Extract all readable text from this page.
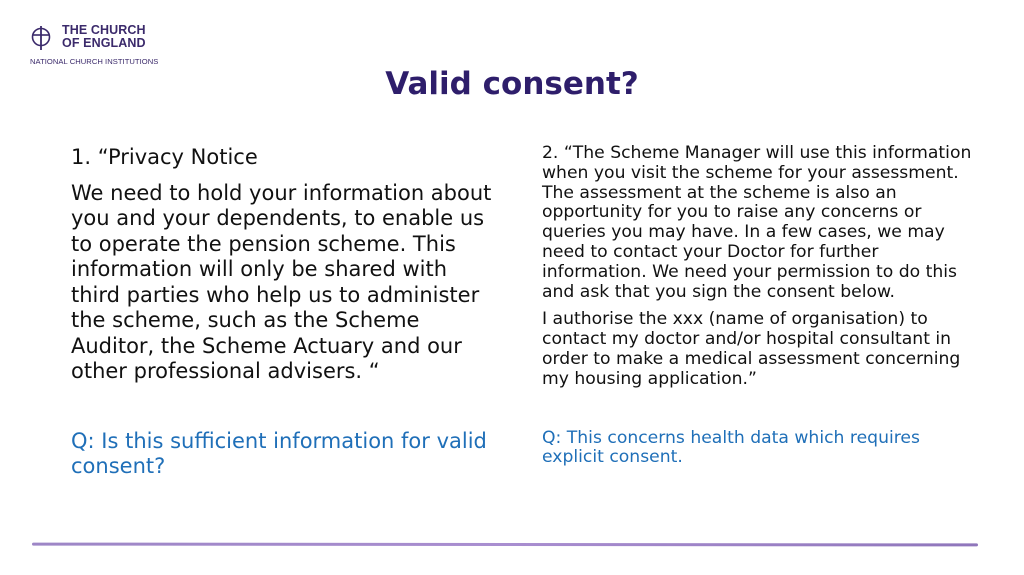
THE CHURCH
OF ENGLAND
NATIONAL CHURCH INSTITUTIONS
Valid consent?

1. “Privacy Notice

We need to hold your information about you and your dependents, to enable us to operate the pension scheme. This information will only be shared with third parties who help us to administer the scheme, such as the Scheme Auditor, the Scheme Actuary and our other professional advisers. “

Q: Is this sufficient information for valid consent?

2. “The Scheme Manager will use this information when you visit the scheme for your assessment. The assessment at the scheme is also an opportunity for you to raise any concerns or queries you may have. In a few cases, we may need to contact your Doctor for further information. We need your permission to do this and ask that you sign the consent below.

I authorise the xxx (name of organisation) to contact my doctor and/or hospital consultant in order to make a medical assessment concerning my housing application.”

Q: This concerns health data which requires explicit consent.
